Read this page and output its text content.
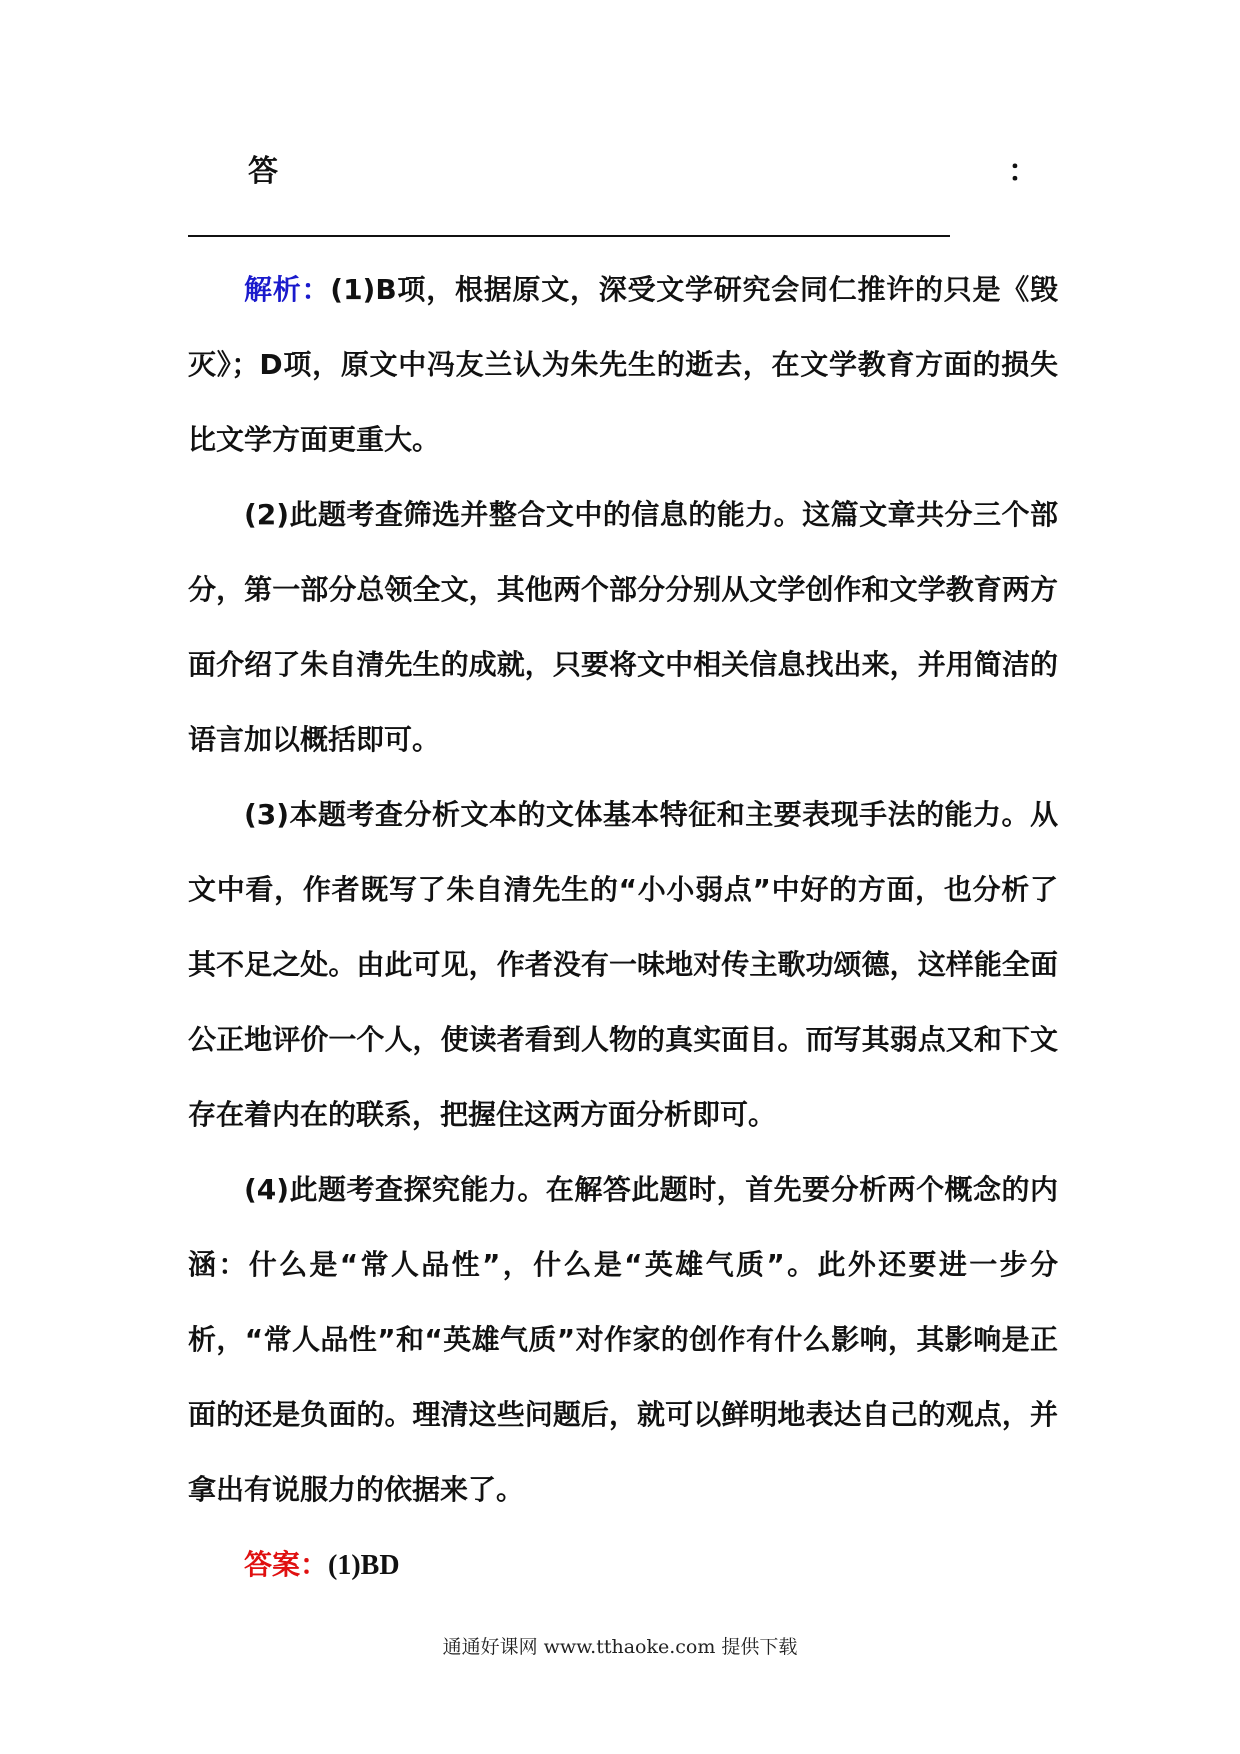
答	：

解析：(1)B项，根据原文，深受文学研究会同仁推许的只是《毁灭》；D项，原文中冯友兰认为朱先生的逝去，在文学教育方面的损失比文学方面更重大。

(2)此题考查筛选并整合文中的信息的能力。这篇文章共分三个部分，第一部分总领全文，其他两个部分分别从文学创作和文学教育两方面介绍了朱自清先生的成就，只要将文中相关信息找出来，并用简洁的语言加以概括即可。

(3)本题考查分析文本的文体基本特征和主要表现手法的能力。从文中看，作者既写了朱自清先生的“小小弱点”中好的方面，也分析了其不足之处。由此可见，作者没有一味地对传主歌功颂德，这样能全面公正地评价一个人，使读者看到人物的真实面目。而写其弱点又和下文存在着内在的联系，把握住这两方面分析即可。

(4)此题考查探究能力。在解答此题时，首先要分析两个概念的内涵：什么是“常人品性”，什么是“英雄气质”。此外还要进一步分析，“常人品性”和“英雄气质”对作家的创作有什么影响，其影响是正面的还是负面的。理清这些问题后，就可以鲜明地表达自己的观点，并拿出有说服力的依据来了。

答案：(1)BD

通通好课网 www.tthaoke.com 提供下载
